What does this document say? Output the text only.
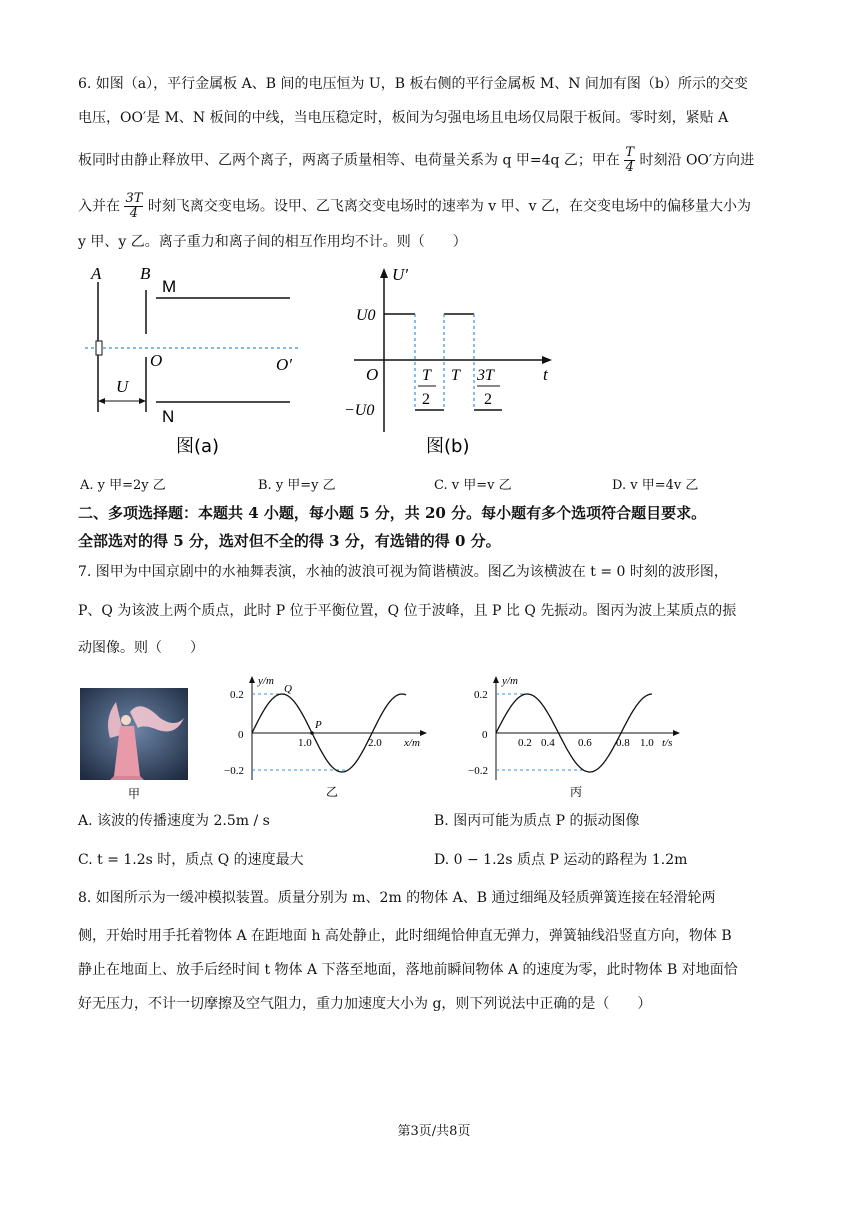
6. 如图（a），平行金属板 A、B 间的电压恒为 U，B 板右侧的平行金属板 M、N 间加有图（b）所示的交变
电压，OO′是 M、N 板间的中线，当电压稳定时，板间为匀强电场且电场仅局限于板间。零时刻，紧贴 A
板同时由静止释放甲、乙两个离子，两离子质量相等、电荷量关系为 q 甲=4q 乙；甲在 $\frac{T}{4}$ 时刻沿 OO′方向进
入并在 $\frac{3T}{4}$ 时刻飞离交变电场。设甲、乙飞离交变电场时的速率为 v 甲、v 乙，在交变电场中的偏移量大小为
y 甲、y 乙。离子重力和离子间的相互作用均不计。则（　　）
A B
M
N
O	O′
U
图(a)
U′
U0
−U0
O	t
T
2
T 3T
2
图(b)
A. y 甲=2y 乙	B. y 甲=y 乙	C. v 甲=v 乙	D. v 甲=4v 乙
二、多项选择题：本题共 4 小题，每小题 5 分，共 20 分。每小题有多个选项符合题目要求。
全部选对的得 5 分，选对但不全的得 3 分，有选错的得 0 分。
7. 图甲为中国京剧中的水袖舞表演，水袖的波浪可视为简谐横波。图乙为该横波在 t = 0 时刻的波形图，
P、Q 为该波上两个质点，此时 P 位于平衡位置，Q 位于波峰，且 P 比 Q 先振动。图丙为波上某质点的振
动图像。则（　　）
甲
y/m
x/m
0.2
0
−0.2
1.0	2.0
Q
P
乙
y/m
t/s
0.2
0
−0.2
0.2 0.4 0.6 0.8 1.0
丙
A. 该波的传播速度为 2.5m / s	B. 图丙可能为质点 P 的振动图像
C. t = 1.2s 时，质点 Q 的速度最大	D. 0 − 1.2s 质点 P 运动的路程为 1.2m
8. 如图所示为一缓冲模拟装置。质量分别为 m、2m 的物体 A、B 通过细绳及轻质弹簧连接在轻滑轮两
侧，开始时用手托着物体 A 在距地面 h 高处静止，此时细绳恰伸直无弹力，弹簧轴线沿竖直方向，物体 B
静止在地面上、放手后经时间 t 物体 A 下落至地面，落地前瞬间物体 A 的速度为零，此时物体 B 对地面恰
好无压力，不计一切摩擦及空气阻力，重力加速度大小为 g，则下列说法中正确的是（　　）
第3页/共8页
